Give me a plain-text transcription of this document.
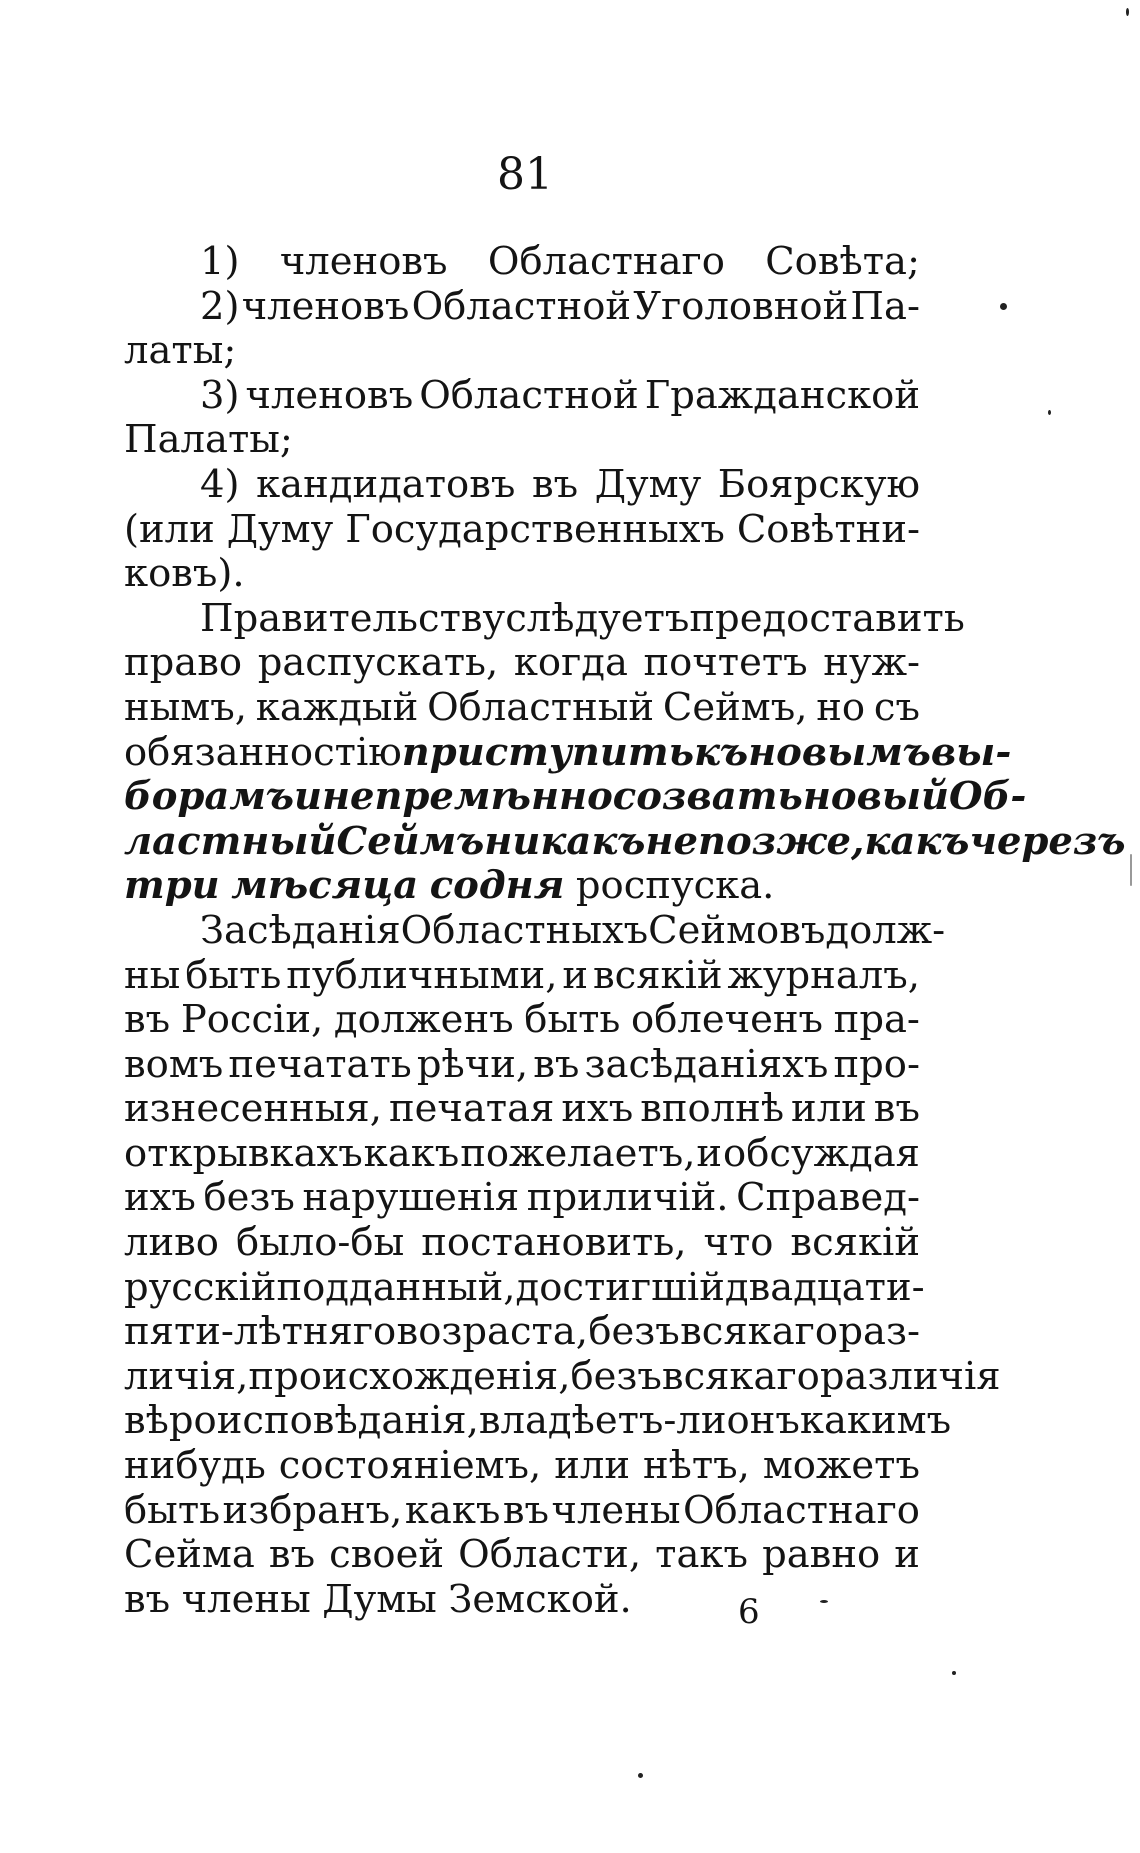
81
1) членовъ Областнаго Совѣта;
2) членовъ Областной Уголовной Па-
латы;
3) членовъ Областной Гражданской
Палаты;
4) кандидатовъ въ Думу Боярскую
(или Думу Государственныхъ Совѣтни-
ковъ).
Правительству слѣдуетъ предоставить
право распускать, когда почтетъ нуж-
нымъ, каждый Областный Сеймъ, но съ
обязанностію приступить къ новымъ вы-
борамъ и непремѣнно созвать новый Об-
ластный Сеймъ никакъ не позже, какъ черезъ
три мѣсяца содня роспуска.
Засѣданія Областныхъ Сеймовъ долж-
ны быть публичными, и всякій журналъ,
въ Россіи, долженъ быть облеченъ пра-
вомъ печатать рѣчи, въ засѣданіяхъ про-
изнесенныя, печатая ихъ вполнѣ или въ
открывкахъ какъ пожелаетъ, и обсуждая
ихъ безъ нарушенія приличій. Справед-
ливо было-бы постановить, что всякій
русскій подданный, достигшій двадцати-
пяти-лѣтняго возраста, безъ всякаго раз-
личія, происхожденія, безъ всякаго различія
вѣроисповѣданія, владѣетъ-ли онъ какимъ
нибудь состояніемъ, или нѣтъ, можетъ
быть избранъ, какъ въ члены Областнаго
Сейма въ своей Области, такъ равно и
въ члены Думы Земской.	6
